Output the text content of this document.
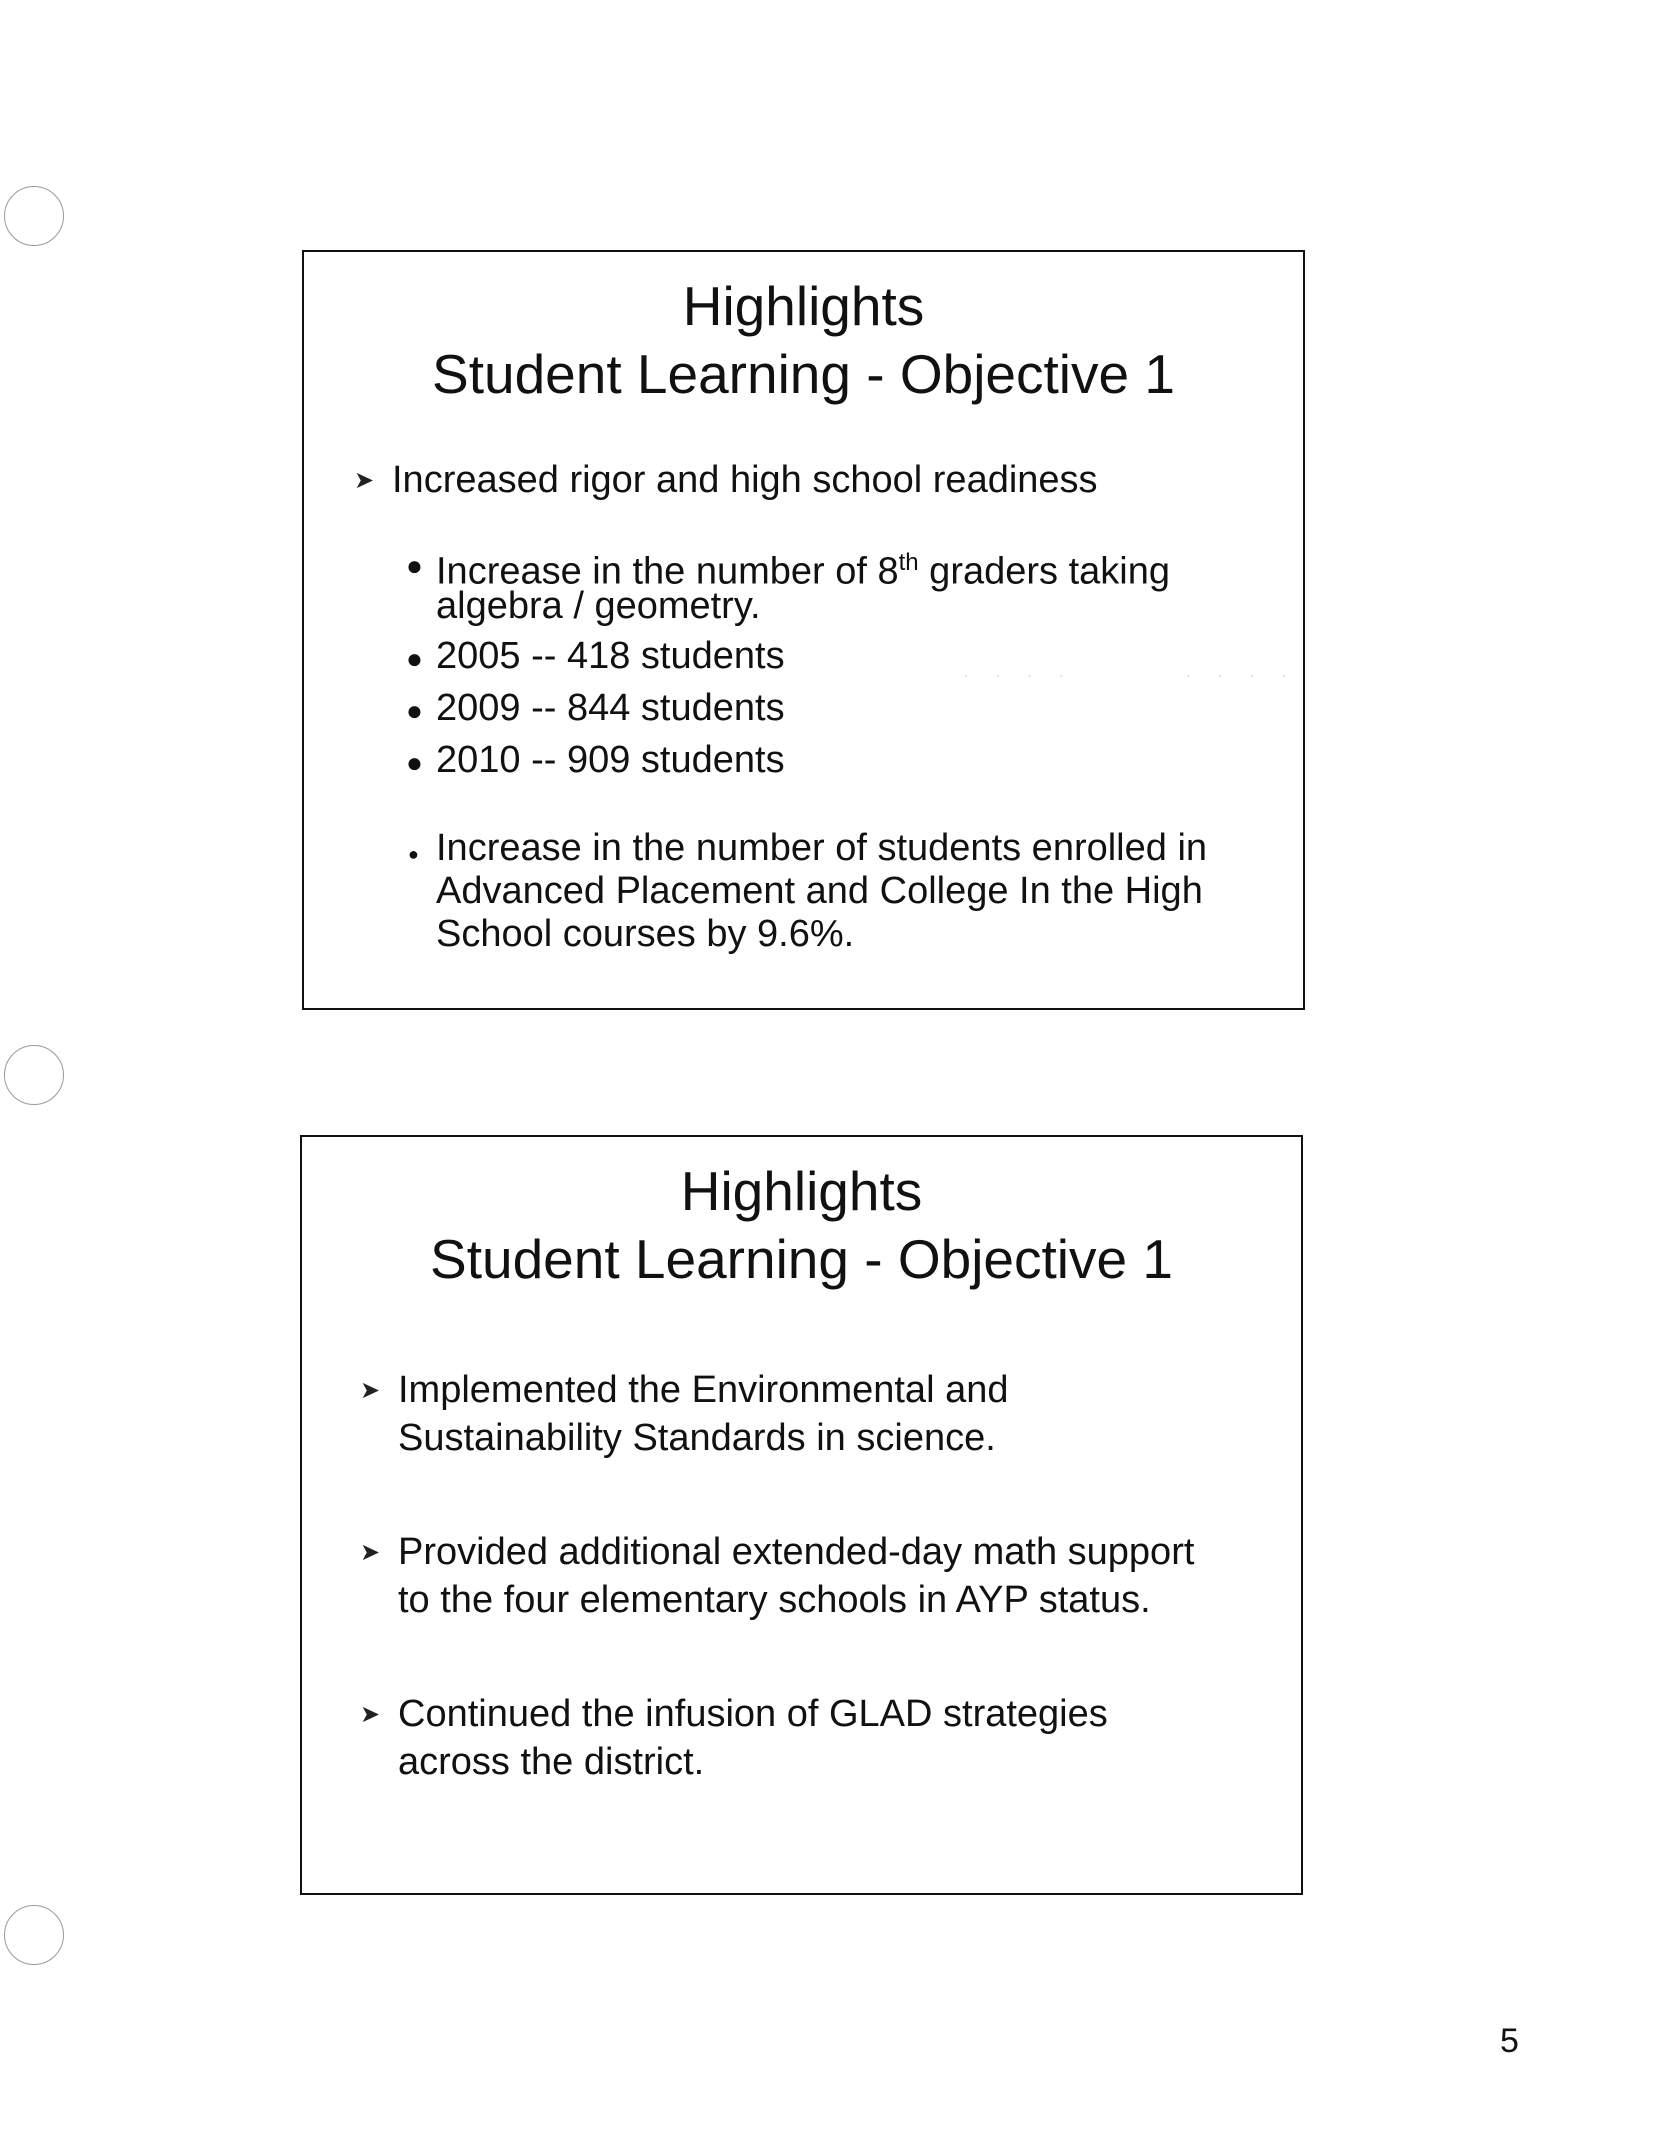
Highlights
Student Learning - Objective 1
➤ Increased rigor and high school readiness
● Increase in the number of 8th graders taking
algebra / geometry.
● 2005 -- 418 students
● 2009 -- 844 students
● 2010 -- 909 students
. . . .       . . . .
● Increase in the number of students enrolled in
Advanced Placement and College In the High
School courses by 9.6%.
Highlights
Student Learning - Objective 1
➤ Implemented the Environmental and
Sustainability Standards in science.
➤ Provided additional extended-day math support
to the four elementary schools in AYP status.
➤ Continued the infusion of GLAD strategies
across the district.
5
